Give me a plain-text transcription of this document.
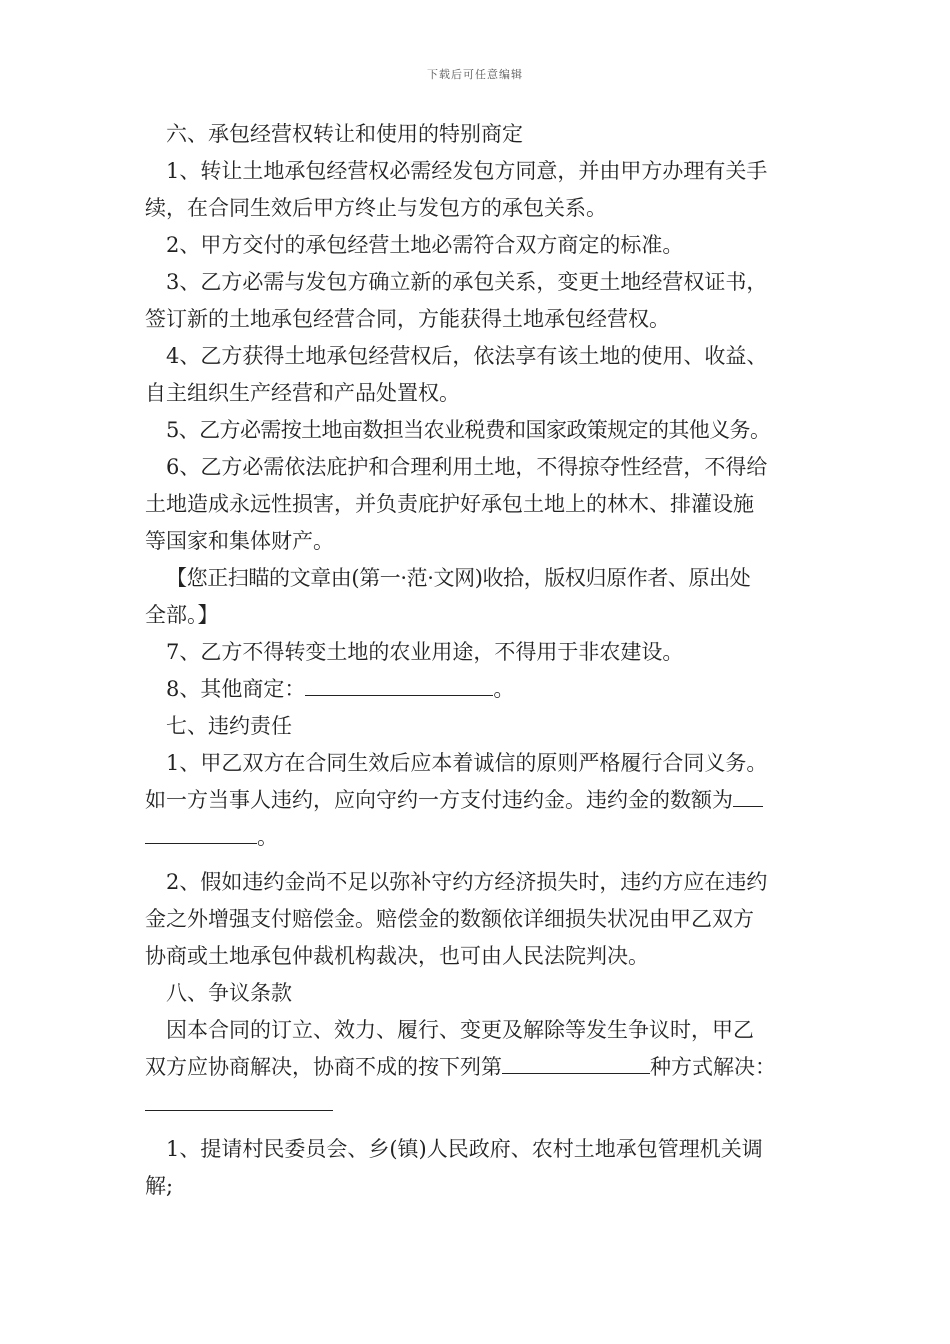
下载后可任意编辑
六、承包经营权转让和使用的特别商定
1、转让土地承包经营权必需经发包方同意，并由甲方办理有关手
续，在合同生效后甲方终止与发包方的承包关系。
2、甲方交付的承包经营土地必需符合双方商定的标准。
3、乙方必需与发包方确立新的承包关系，变更土地经营权证书，
签订新的土地承包经营合同，方能获得土地承包经营权。
4、乙方获得土地承包经营权后，依法享有该土地的使用、收益、
自主组织生产经营和产品处置权。
5、乙方必需按土地亩数担当农业税费和国家政策规定的其他义务。
6、乙方必需依法庇护和合理利用土地，不得掠夺性经营，不得给
土地造成永远性损害，并负责庇护好承包土地上的林木、排灌设施
等国家和集体财产。
【您正扫瞄的文章由(第一·范·文网)收拾，版权归原作者、原出处
全部。】
7、乙方不得转变土地的农业用途，不得用于非农建设。
8、其他商定：	。
七、违约责任
1、甲乙双方在合同生效后应本着诚信的原则严格履行合同义务。
如一方当事人违约，应向守约一方支付违约金。违约金的数额为
。
2、假如违约金尚不足以弥补守约方经济损失时，违约方应在违约
金之外增强支付赔偿金。赔偿金的数额依详细损失状况由甲乙双方
协商或土地承包仲裁机构裁决，也可由人民法院判决。
八、争议条款
因本合同的订立、效力、履行、变更及解除等发生争议时，甲乙
双方应协商解决，协商不成的按下列第	种方式解决：
1、提请村民委员会、乡(镇)人民政府、农村土地承包管理机关调
解;
